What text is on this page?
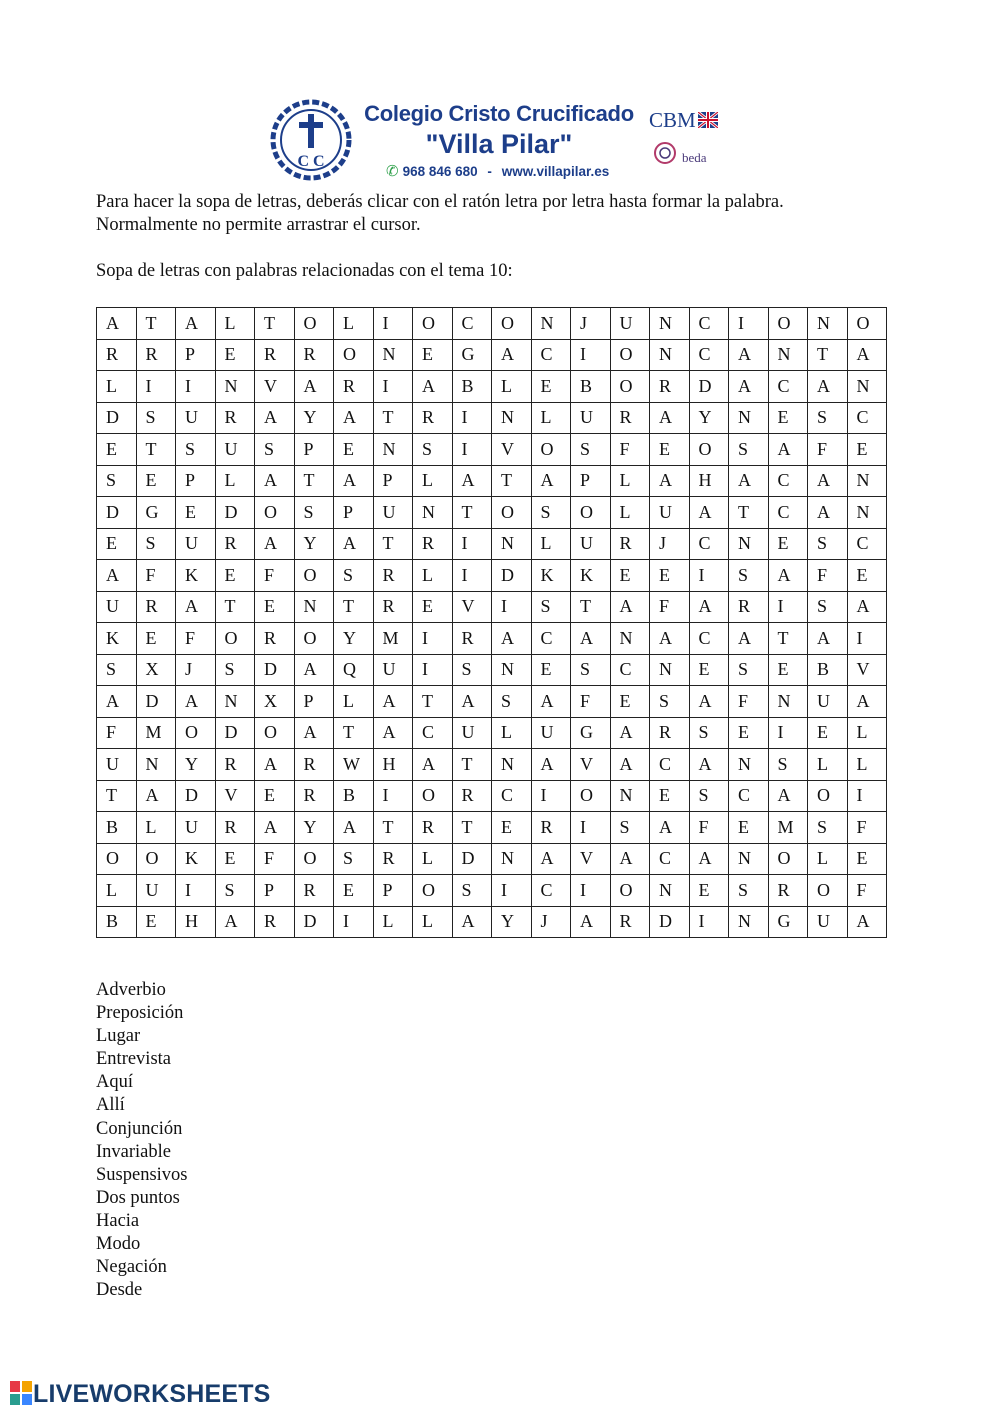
C C
Colegio Cristo Crucificado
"Villa Pilar"
✆ 968 846 680 - www.villapilar.es
CBM
beda
Para hacer la sopa de letras, deberás clicar con el ratón letra por letra hasta formar la palabra.
Normalmente no permite arrastrar el cursor.
Sopa de letras con palabras relacionadas con el tema 10:
A	T	A	L	T	O	L	I	O	C	O	N	J	U	N	C	I	O	N	O
R	R	P	E	R	R	O	N	E	G	A	C	I	O	N	C	A	N	T	A
L	I	I	N	V	A	R	I	A	B	L	E	B	O	R	D	A	C	A	N
D	S	U	R	A	Y	A	T	R	I	N	L	U	R	A	Y	N	E	S	C
E	T	S	U	S	P	E	N	S	I	V	O	S	F	E	O	S	A	F	E
S	E	P	L	A	T	A	P	L	A	T	A	P	L	A	H	A	C	A	N
D	G	E	D	O	S	P	U	N	T	O	S	O	L	U	A	T	C	A	N
E	S	U	R	A	Y	A	T	R	I	N	L	U	R	J	C	N	E	S	C
A	F	K	E	F	O	S	R	L	I	D	K	K	E	E	I	S	A	F	E
U	R	A	T	E	N	T	R	E	V	I	S	T	A	F	A	R	I	S	A
K	E	F	O	R	O	Y	M	I	R	A	C	A	N	A	C	A	T	A	I
S	X	J	S	D	A	Q	U	I	S	N	E	S	C	N	E	S	E	B	V
A	D	A	N	X	P	L	A	T	A	S	A	F	E	S	A	F	N	U	A
F	M	O	D	O	A	T	A	C	U	L	U	G	A	R	S	E	I	E	L
U	N	Y	R	A	R	W	H	A	T	N	A	V	A	C	A	N	S	L	L
T	A	D	V	E	R	B	I	O	R	C	I	O	N	E	S	C	A	O	I
B	L	U	R	A	Y	A	T	R	T	E	R	I	S	A	F	E	M	S	F
O	O	K	E	F	O	S	R	L	D	N	A	V	A	C	A	N	O	L	E
L	U	I	S	P	R	E	P	O	S	I	C	I	O	N	E	S	R	O	F
B	E	H	A	R	D	I	L	L	A	Y	J	A	R	D	I	N	G	U	A
Adverbio
Preposición
Lugar
Entrevista
Aquí
Allí
Conjunción
Invariable
Suspensivos
Dos puntos
Hacia
Modo
Negación
Desde
LIVEWORKSHEETS
